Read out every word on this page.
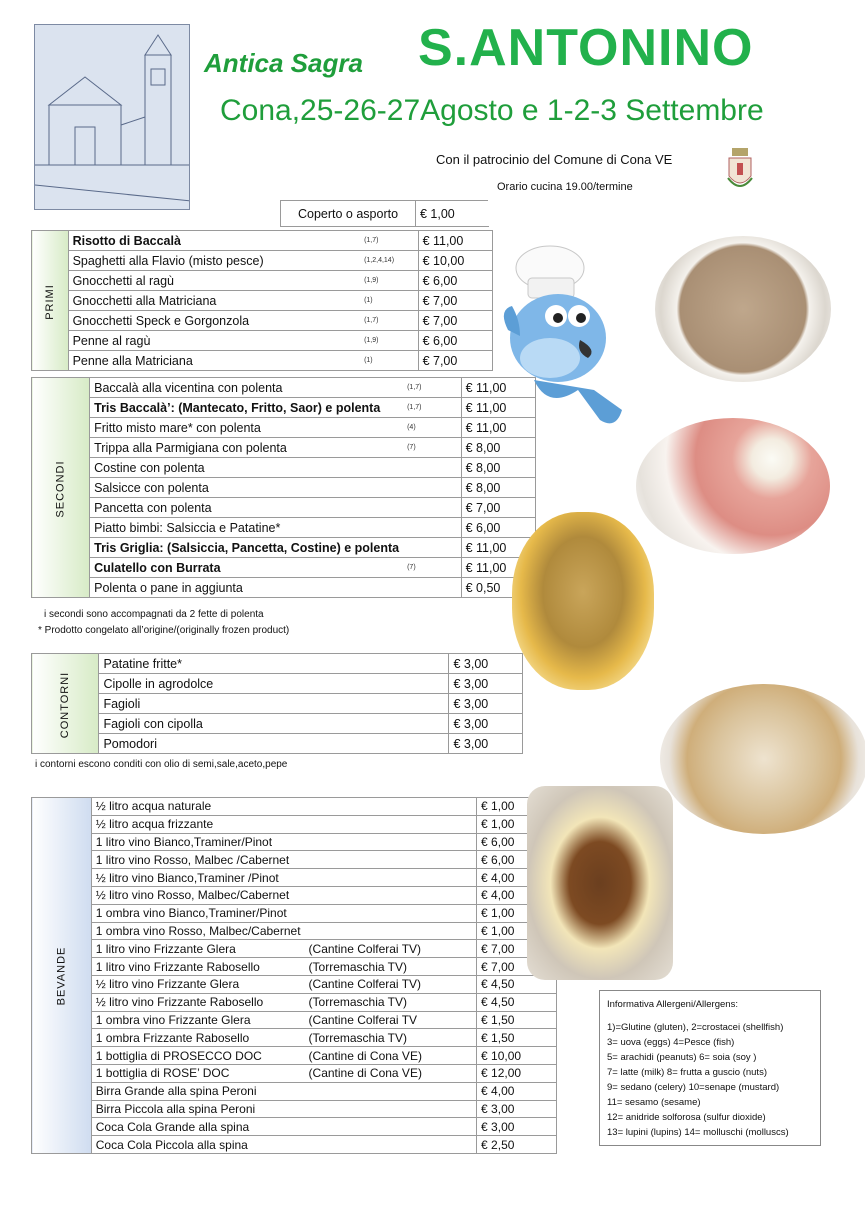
Antica Sagra S.ANTONINO
Cona,25-26-27Agosto e 1-2-3 Settembre
Con il patrocinio del Comune di Cona VE
Orario cucina 19.00/termine
Coperto o asporto	€ 1,00
PRIMI	Risotto di Baccalà	(1,7)	€ 11,00
	Spaghetti alla Flavio (misto pesce)	(1,2,4,14)	€ 10,00
	Gnocchetti al ragù	(1,9)	€ 6,00
	Gnocchetti alla Matriciana	(1)	€ 7,00
	Gnocchetti Speck e Gorgonzola	(1,7)	€ 7,00
	Penne al ragù	(1,9)	€ 6,00
	Penne alla Matriciana	(1)	€ 7,00
SECONDI	Baccalà alla vicentina con polenta	(1,7)	€ 11,00
	Tris Baccalà’: (Mantecato, Fritto, Saor) e polenta	(1,7)	€ 11,00
	Fritto misto mare* con polenta	(4)	€ 11,00
	Trippa alla Parmigiana con polenta	(7)	€ 8,00
	Costine con polenta		€ 8,00
	Salsicce con polenta		€ 8,00
	Pancetta con polenta		€ 7,00
	Piatto bimbi: Salsiccia e Patatine*		€ 6,00
	Tris Griglia: (Salsiccia, Pancetta, Costine) e polenta		€ 11,00
	Culatello con Burrata	(7)	€ 11,00
	Polenta o pane in aggiunta		€ 0,50
i secondi sono accompagnati da 2 fette di polenta
* Prodotto congelato all’origine/(originally frozen product)
CONTORNI	Patatine fritte*	€ 3,00
	Cipolle in agrodolce	€ 3,00
	Fagioli	€ 3,00
	Fagioli con cipolla	€ 3,00
	Pomodori	€ 3,00
i contorni escono conditi con olio di semi,sale,aceto,pepe
BEVANDE	½ litro acqua naturale		€ 1,00
	½ litro acqua frizzante		€ 1,00
	1 litro vino Bianco,Traminer/Pinot		€ 6,00
	1 litro vino Rosso, Malbec /Cabernet		€ 6,00
	½ litro vino Bianco,Traminer /Pinot		€ 4,00
	½ litro vino Rosso, Malbec/Cabernet		€ 4,00
	1 ombra vino Bianco,Traminer/Pinot		€ 1,00
	1 ombra vino Rosso, Malbec/Cabernet		€ 1,00
	1 litro vino Frizzante Glera	(Cantine Colferai TV)	€ 7,00
	1 litro vino Frizzante Rabosello	(Torremaschia TV)	€ 7,00
	½ litro vino Frizzante Glera	(Cantine Colferai TV)	€ 4,50
	½ litro vino Frizzante Rabosello	(Torremaschia TV)	€ 4,50
	1 ombra vino Frizzante Glera	(Cantine Colferai TV	€ 1,50
	1 ombra Frizzante Rabosello	(Torremaschia TV)	€ 1,50
	1 bottiglia di PROSECCO DOC	(Cantine di Cona VE)	€ 10,00
	1 bottiglia di ROSE’ DOC	(Cantine di Cona VE)	€ 12,00
	Birra Grande alla spina Peroni		€ 4,00
	Birra Piccola alla spina Peroni		€ 3,00
	Coca Cola Grande alla spina		€ 3,00
	Coca Cola Piccola alla spina		€ 2,50
Informativa Allergeni/Allergens:
1)=Glutine (gluten), 2=crostacei (shellfish)
3= uova (eggs) 4=Pesce (fish)
5= arachidi (peanuts) 6= soia (soy )
7= latte (milk) 8= frutta a guscio (nuts)
9= sedano (celery) 10=senape (mustard)
11= sesamo (sesame)
12= anidride solforosa (sulfur dioxide)
13= lupini (lupins) 14= molluschi (molluscs)
